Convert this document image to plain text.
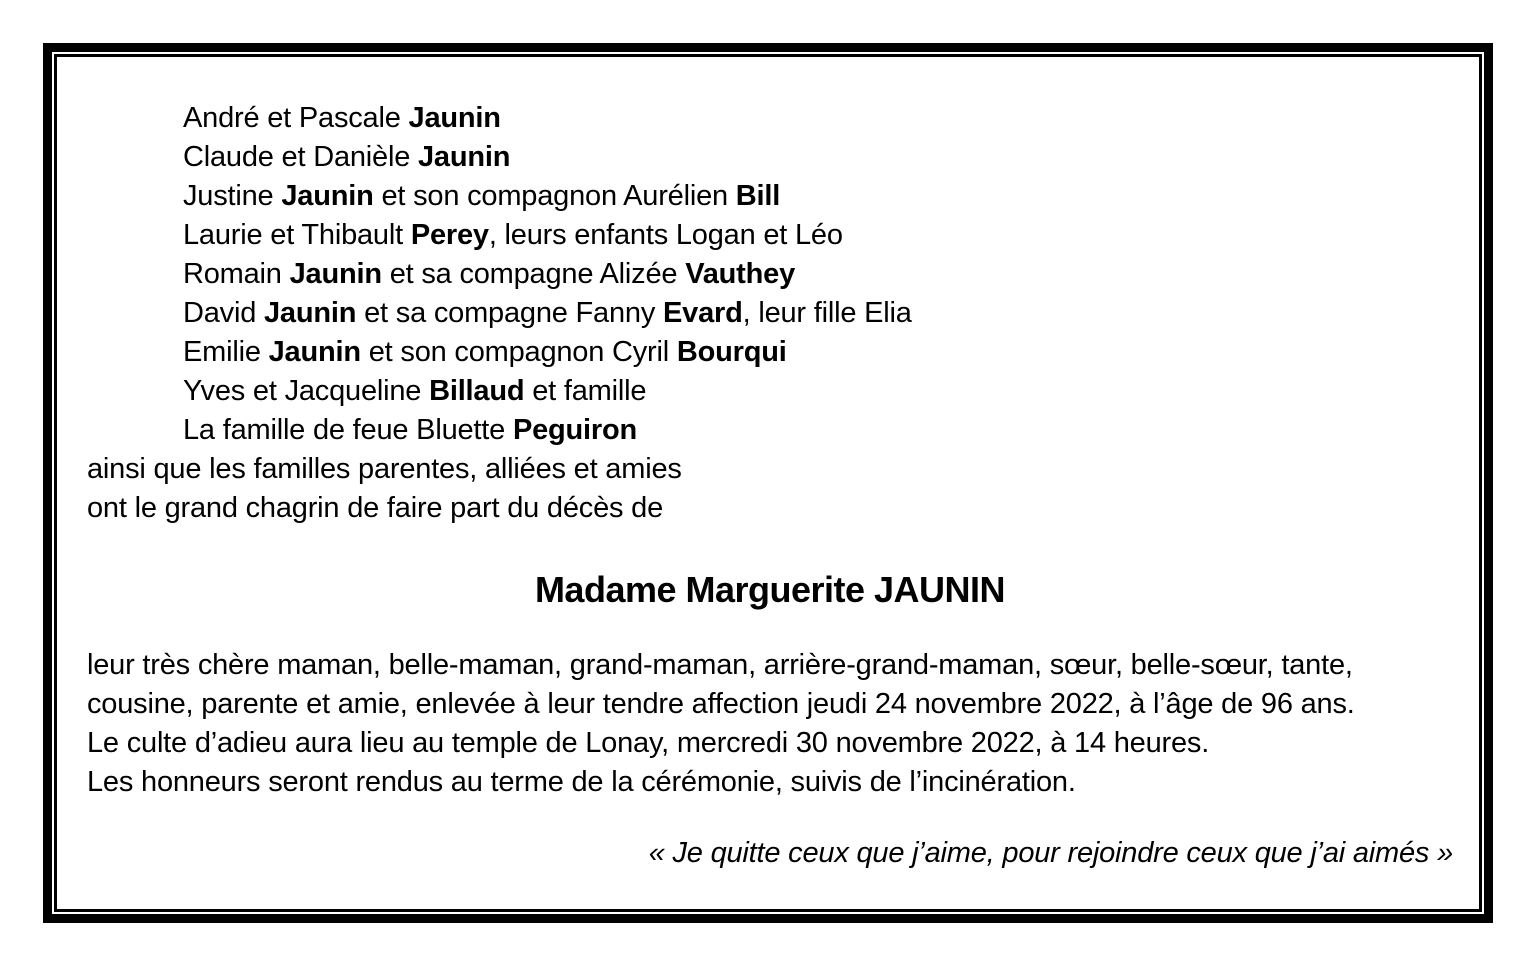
André et Pascale Jaunin
Claude et Danièle Jaunin
Justine Jaunin et son compagnon Aurélien Bill
Laurie et Thibault Perey, leurs enfants Logan et Léo
Romain Jaunin et sa compagne Alizée Vauthey
David Jaunin et sa compagne Fanny Evard, leur fille Elia
Emilie Jaunin et son compagnon Cyril Bourqui
Yves et Jacqueline Billaud et famille
La famille de feue Bluette Peguiron
ainsi que les familles parentes, alliées et amies
ont le grand chagrin de faire part du décès de
Madame Marguerite JAUNIN
leur très chère maman, belle-maman, grand-maman, arrière-grand-maman, sœur, belle-sœur, tante,
cousine, parente et amie, enlevée à leur tendre affection jeudi 24 novembre 2022, à l’âge de 96 ans.
Le culte d’adieu aura lieu au temple de Lonay, mercredi 30 novembre 2022, à 14 heures.
Les honneurs seront rendus au terme de la cérémonie, suivis de l’incinération.
« Je quitte ceux que j’aime, pour rejoindre ceux que j’ai aimés »
